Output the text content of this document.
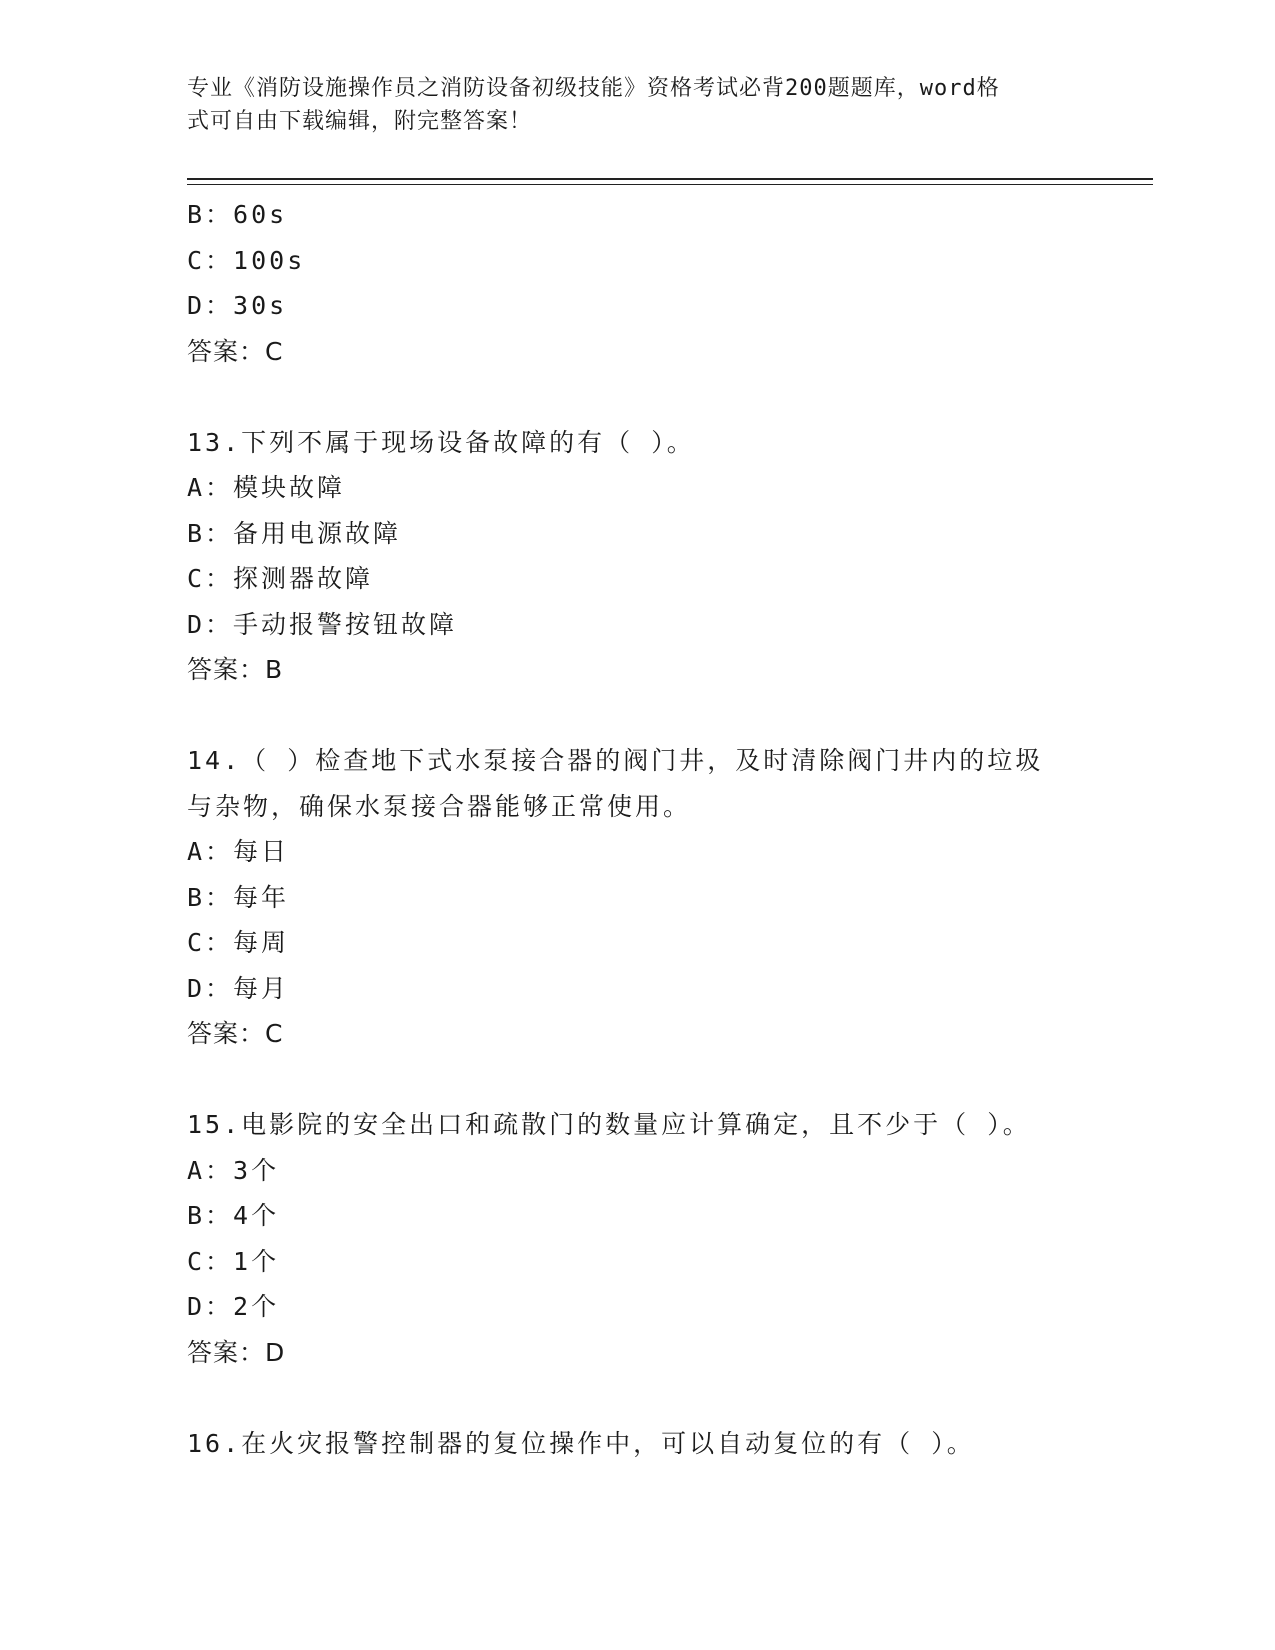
专业《消防设施操作员之消防设备初级技能》资格考试必背200题题库，word格
式可自由下载编辑，附完整答案！
B：60s
C：100s
D：30s
答案：C
13.下列不属于现场设备故障的有（ ）。
A：模块故障
B：备用电源故障
C：探测器故障
D：手动报警按钮故障
答案：B
14.（ ）检查地下式水泵接合器的阀门井，及时清除阀门井内的垃圾
与杂物，确保水泵接合器能够正常使用。
A：每日
B：每年
C：每周
D：每月
答案：C
15.电影院的安全出口和疏散门的数量应计算确定，且不少于（ ）。
A：3个
B：4个
C：1个
D：2个
答案：D
16.在火灾报警控制器的复位操作中，可以自动复位的有（ ）。
